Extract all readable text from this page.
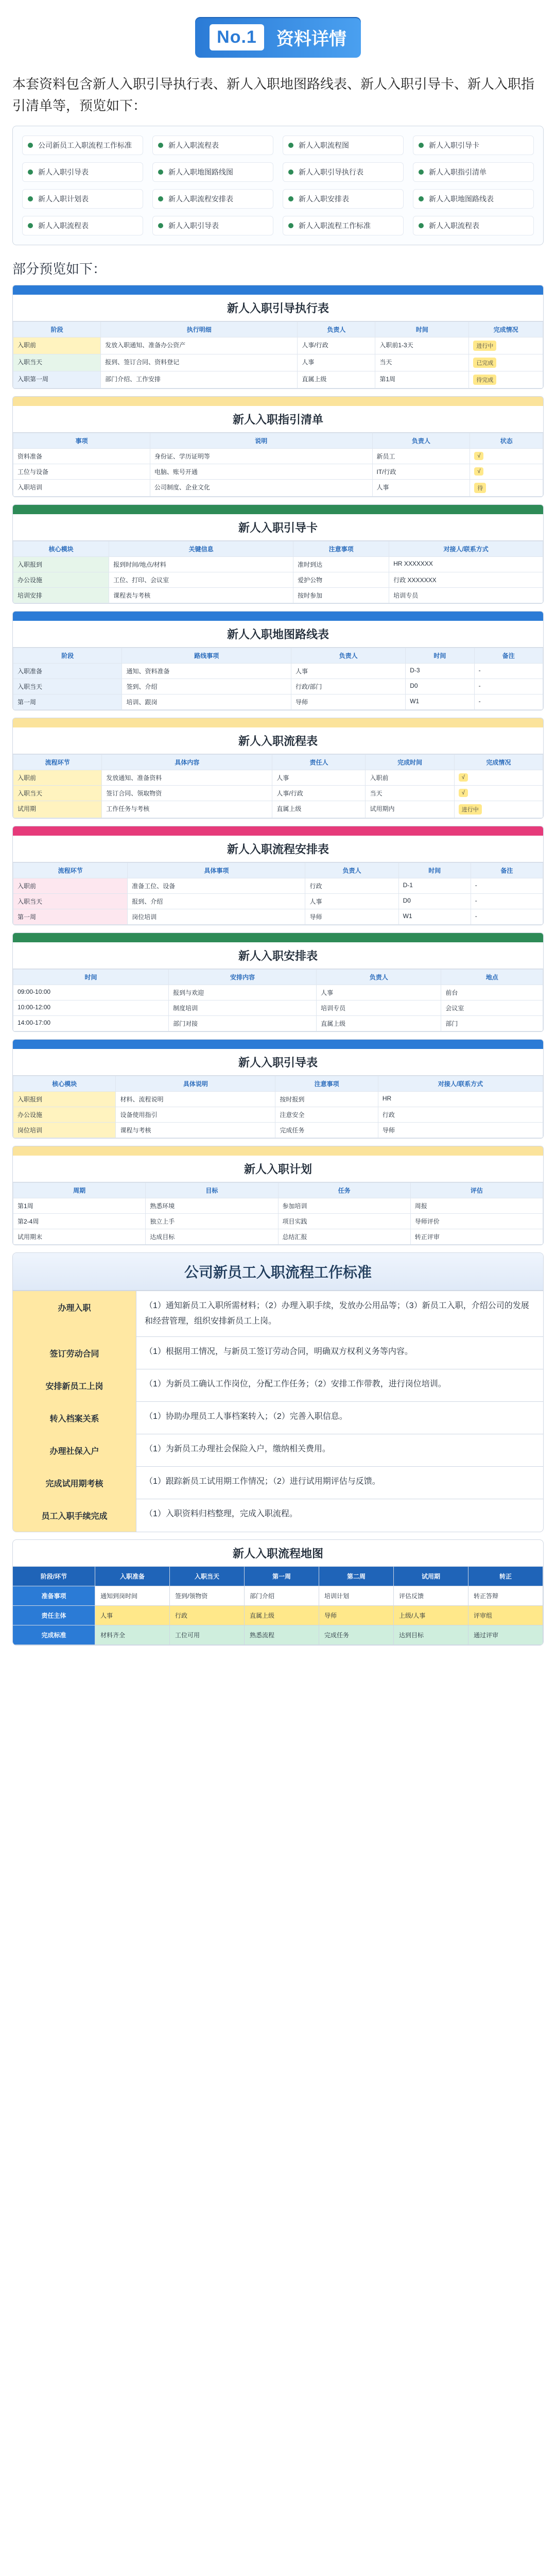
No.1	资料详情
本套资料包含新人入职引导执行表、新人入职地图路线表、新人入职引导卡、新人入职指引清单等，预览如下：
公司新员工入职流程工作标准	新人入职流程表	新人入职流程图	新人入职引导卡
新人入职引导表	新人入职地图路线图	新人入职引导执行表	新人入职指引清单
新人入职计划表	新人入职流程安排表	新人入职安排表	新人入职地图路线表
新人入职流程表	新人入职引导表	新人入职流程工作标准	新人入职流程表
部分预览如下：
新人入职引导执行表
阶段	执行明细	负责人	时间	完成情况
入职前	发放入职通知、准备办公资产	人事/行政	入职前1-3天	进行中
入职当天	报到、签订合同、资料登记	人事	当天	已完成
入职第一周	部门介绍、工作安排	直属上级	第1周	待完成
新人入职指引清单
事项	说明	负责人	状态
资料准备	身份证、学历证明等	新员工	√
工位与设备	电脑、账号开通	IT/行政	√
入职培训	公司制度、企业文化	人事	待
新人入职引导卡
核心模块	关键信息	注意事项	对接人/联系方式
入职报到	报到时间/地点/材料	准时到达	HR XXXXXXX
办公设施	工位、打印、会议室	爱护公物	行政 XXXXXXX
培训安排	课程表与考核	按时参加	培训专员
新人入职地图路线表
阶段	路线事项	负责人	时间	备注
入职准备	通知、资料准备	人事	D-3	-
入职当天	签到、介绍	行政/部门	D0	-
第一周	培训、跟岗	导师	W1	-
新人入职流程表
流程环节	具体内容	责任人	完成时间	完成情况
入职前	发放通知、准备资料	人事	入职前	√
入职当天	签订合同、领取物资	人事/行政	当天	√
试用期	工作任务与考核	直属上级	试用期内	进行中
新人入职流程安排表
流程环节	具体事项	负责人	时间	备注
入职前	准备工位、设备	行政	D-1	-
入职当天	报到、介绍	人事	D0	-
第一周	岗位培训	导师	W1	-
新人入职安排表
时间	安排内容	负责人	地点
09:00-10:00	报到与欢迎	人事	前台
10:00-12:00	制度培训	培训专员	会议室
14:00-17:00	部门对接	直属上级	部门
新人入职引导表
核心模块	具体说明	注意事项	对接人/联系方式
入职报到	材料、流程说明	按时报到	HR
办公设施	设备使用指引	注意安全	行政
岗位培训	课程与考核	完成任务	导师
新人入职计划
周期	目标	任务	评估
第1周	熟悉环境	参加培训	周报
第2-4周	独立上手	项目实践	导师评价
试用期末	达成目标	总结汇报	转正评审
公司新员工入职流程工作标准
办理入职	（1）通知新员工入职所需材料；（2）办理入职手续，发放办公用品等；（3）新员工入职，介绍公司的发展和经营管理，组织安排新员工上岗。
签订劳动合同	（1）根据用工情况，与新员工签订劳动合同，明确双方权利义务等内容。
安排新员工上岗	（1）为新员工确认工作岗位，分配工作任务；（2）安排工作带教，进行岗位培训。
转入档案关系	（1）协助办理员工人事档案转入；（2）完善入职信息。
办理社保入户	（1）为新员工办理社会保险入户，缴纳相关费用。
完成试用期考核	（1）跟踪新员工试用期工作情况；（2）进行试用期评估与反馈。
员工入职手续完成	（1）入职资料归档整理，完成入职流程。
新人入职流程地图
阶段/环节	入职准备	入职当天	第一周	第二周	试用期	转正
准备事项	通知到岗时间	签到/领物资	部门介绍	培训计划	评估反馈	转正答辩
责任主体	人事	行政	直属上级	导师	上级/人事	评审组
完成标准	材料齐全	工位可用	熟悉流程	完成任务	达到目标	通过评审
